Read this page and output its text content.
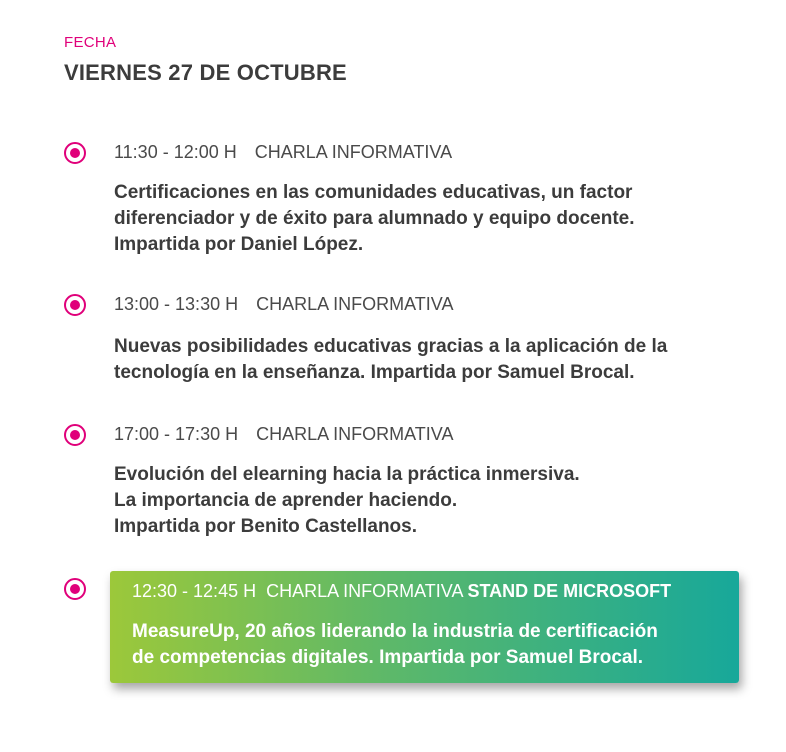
FECHA
VIERNES 27 DE OCTUBRE
11:30 - 12:00 H CHARLA INFORMATIVA
Certificaciones en las comunidades educativas, un factor
diferenciador y de éxito para alumnado y equipo docente.
Impartida por Daniel López.
13:00 - 13:30 H CHARLA INFORMATIVA
Nuevas posibilidades educativas gracias a la aplicación de la
tecnología en la enseñanza. Impartida por Samuel Brocal.
17:00 - 17:30 H CHARLA INFORMATIVA
Evolución del elearning hacia la práctica inmersiva.
La importancia de aprender haciendo.
Impartida por Benito Castellanos.
12:30 - 12:45 H CHARLA INFORMATIVA STAND DE MICROSOFT
MeasureUp, 20 años liderando la industria de certificación
de competencias digitales. Impartida por Samuel Brocal.
